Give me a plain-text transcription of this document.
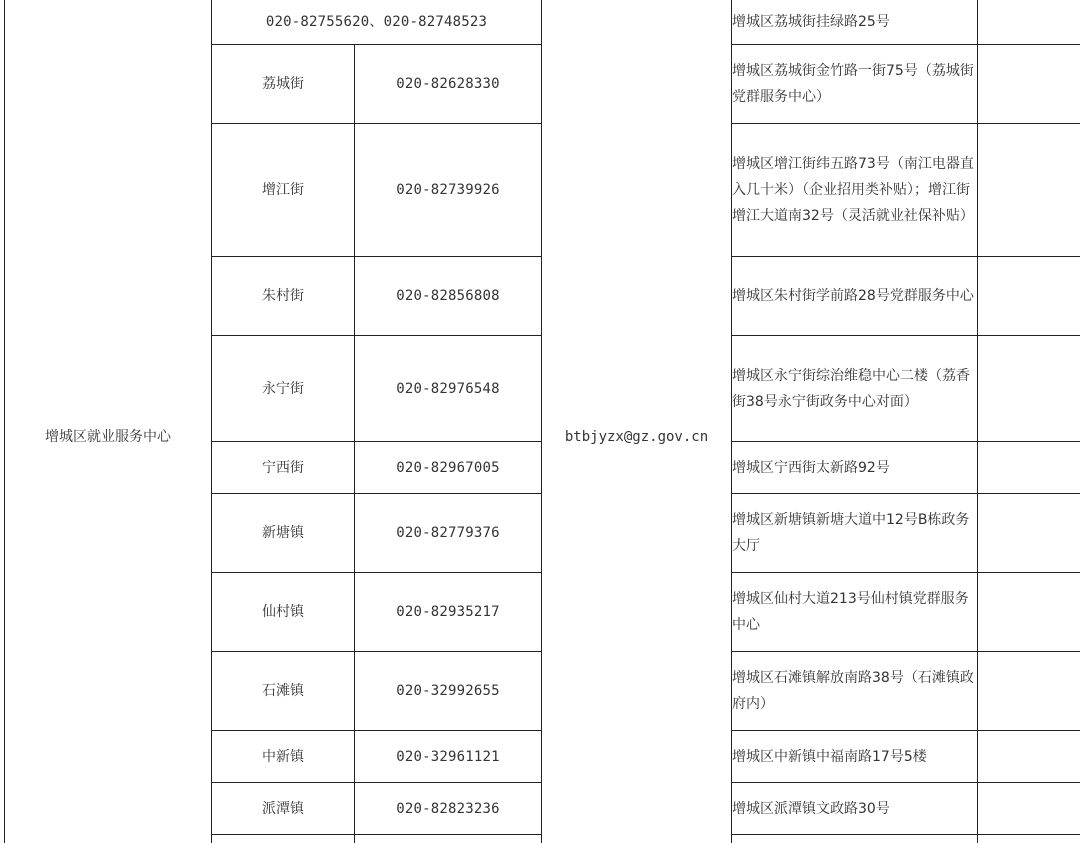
增城区就业服务中心	020-82755620、020-82748523		btbjyzx@gz.gov.cn	增城区荔城街挂绿路25号	
	荔城街	020-82628330		增城区荔城街金竹路一街75号（荔城街党群服务中心）	
	增江街	020-82739926		增城区增江街纬五路73号（南江电器直入几十米）（企业招用类补贴）；增江街增江大道南32号（灵活就业社保补贴）	
	朱村街	020-82856808		增城区朱村街学前路28号党群服务中心	
	永宁街	020-82976548		增城区永宁街综治维稳中心二楼（荔香街38号永宁街政务中心对面）	
	宁西街	020-82967005		增城区宁西街太新路92号	
	新塘镇	020-82779376		增城区新塘镇新塘大道中12号B栋政务大厅	
	仙村镇	020-82935217		增城区仙村大道213号仙村镇党群服务中心	
	石滩镇	020-32992655		增城区石滩镇解放南路38号（石滩镇政府内）	
	中新镇	020-32961121		增城区中新镇中福南路17号5楼	
	派潭镇	020-82823236		增城区派潭镇文政路30号	
